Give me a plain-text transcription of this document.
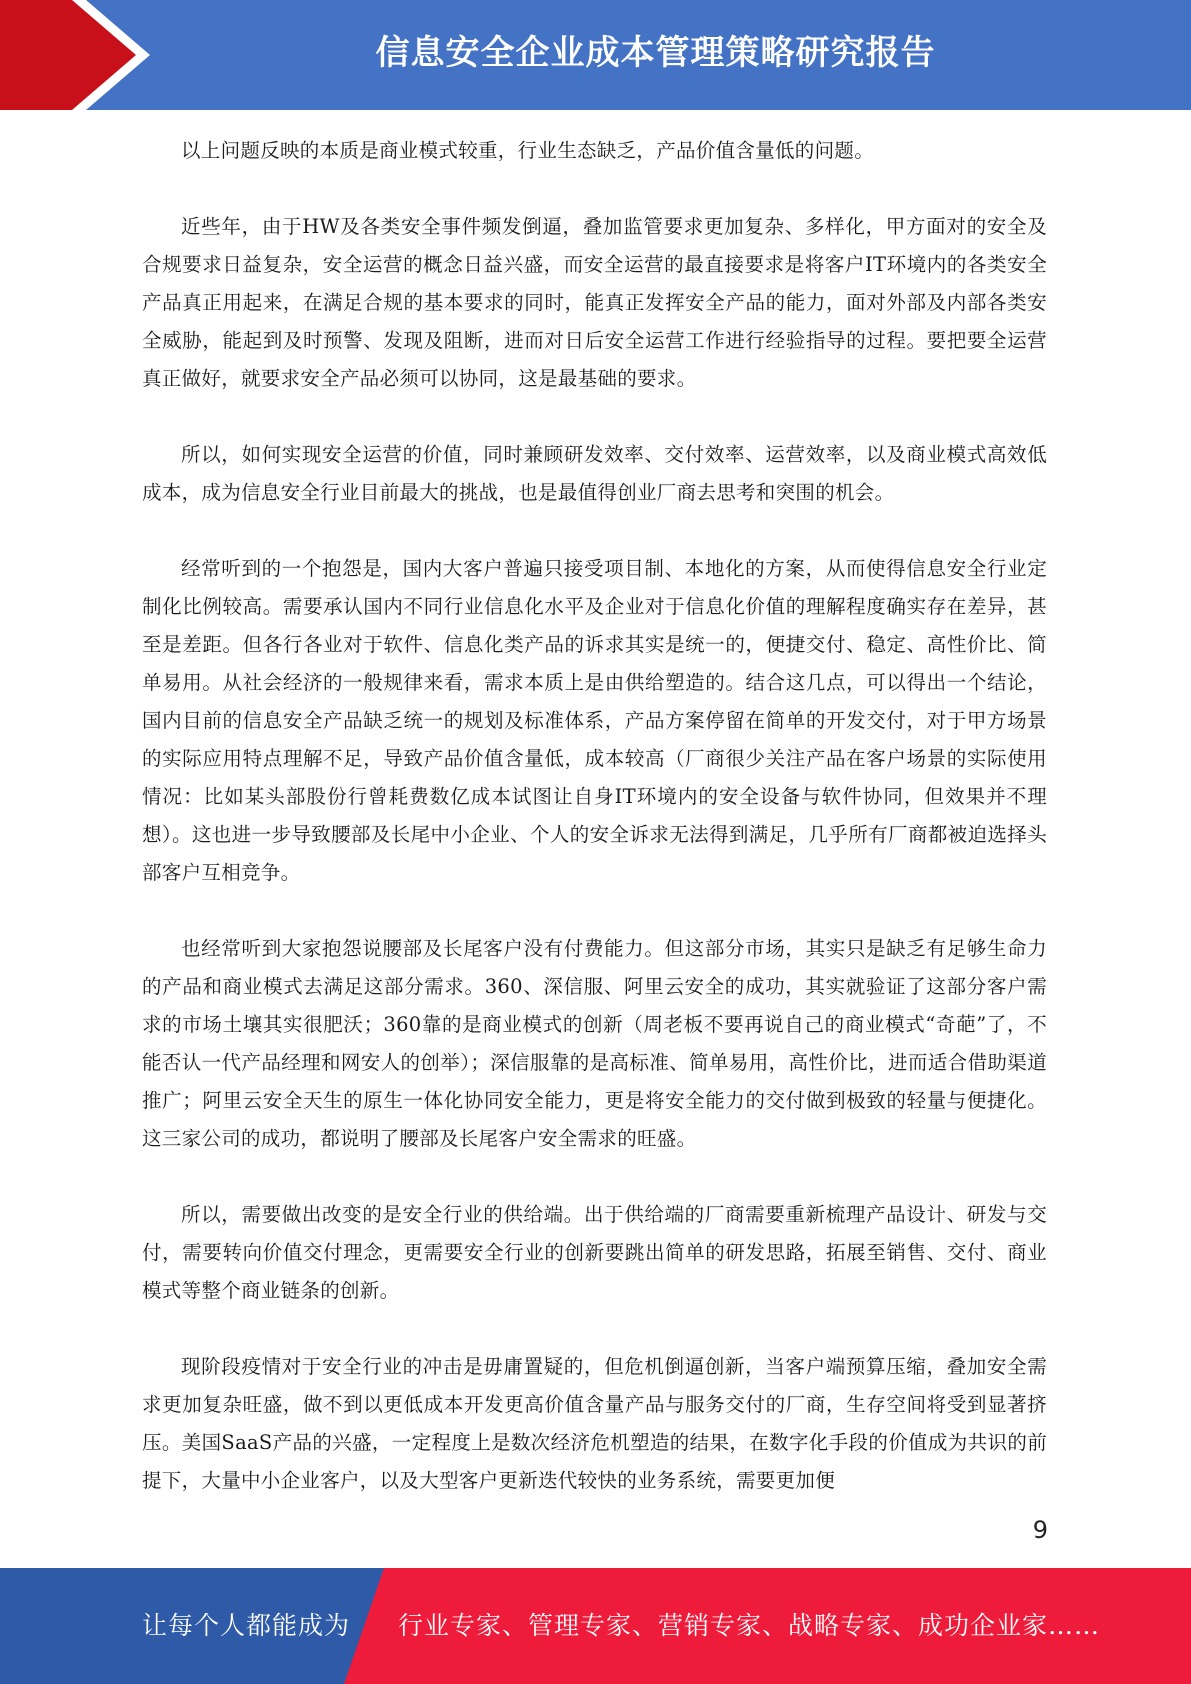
信息安全企业成本管理策略研究报告

以上问题反映的本质是商业模式较重，行业生态缺乏，产品价值含量低的问题。

近些年，由于HW及各类安全事件频发倒逼，叠加监管要求更加复杂、多样化，甲方面对的安全及合规要求日益复杂，安全运营的概念日益兴盛，而安全运营的最直接要求是将客户IT环境内的各类安全产品真正用起来，在满足合规的基本要求的同时，能真正发挥安全产品的能力，面对外部及内部各类安全威胁，能起到及时预警、发现及阻断，进而对日后安全运营工作进行经验指导的过程。要把要全运营真正做好，就要求安全产品必须可以协同，这是最基础的要求。

所以，如何实现安全运营的价值，同时兼顾研发效率、交付效率、运营效率，以及商业模式高效低成本，成为信息安全行业目前最大的挑战，也是最值得创业厂商去思考和突围的机会。

经常听到的一个抱怨是，国内大客户普遍只接受项目制、本地化的方案，从而使得信息安全行业定制化比例较高。需要承认国内不同行业信息化水平及企业对于信息化价值的理解程度确实存在差异，甚至是差距。但各行各业对于软件、信息化类产品的诉求其实是统一的，便捷交付、稳定、高性价比、简单易用。从社会经济的一般规律来看，需求本质上是由供给塑造的。结合这几点，可以得出一个结论，国内目前的信息安全产品缺乏统一的规划及标准体系，产品方案停留在简单的开发交付，对于甲方场景的实际应用特点理解不足，导致产品价值含量低，成本较高（厂商很少关注产品在客户场景的实际使用情况：比如某头部股份行曾耗费数亿成本试图让自身IT环境内的安全设备与软件协同，但效果并不理想）。这也进一步导致腰部及长尾中小企业、个人的安全诉求无法得到满足，几乎所有厂商都被迫选择头部客户互相竞争。

也经常听到大家抱怨说腰部及长尾客户没有付费能力。但这部分市场，其实只是缺乏有足够生命力的产品和商业模式去满足这部分需求。360、深信服、阿里云安全的成功，其实就验证了这部分客户需求的市场土壤其实很肥沃；360靠的是商业模式的创新（周老板不要再说自己的商业模式“奇葩”了，不能否认一代产品经理和网安人的创举）；深信服靠的是高标准、简单易用，高性价比，进而适合借助渠道推广；阿里云安全天生的原生一体化协同安全能力，更是将安全能力的交付做到极致的轻量与便捷化。这三家公司的成功，都说明了腰部及长尾客户安全需求的旺盛。

所以，需要做出改变的是安全行业的供给端。出于供给端的厂商需要重新梳理产品设计、研发与交付，需要转向价值交付理念，更需要安全行业的创新要跳出简单的研发思路，拓展至销售、交付、商业模式等整个商业链条的创新。

现阶段疫情对于安全行业的冲击是毋庸置疑的，但危机倒逼创新，当客户端预算压缩，叠加安全需求更加复杂旺盛，做不到以更低成本开发更高价值含量产品与服务交付的厂商，生存空间将受到显著挤压。美国SaaS产品的兴盛，一定程度上是数次经济危机塑造的结果，在数字化手段的价值成为共识的前提下，大量中小企业客户，以及大型客户更新迭代较快的业务系统，需要更加便

9
让每个人都能成为 行业专家、管理专家、营销专家、战略专家、成功企业家……
